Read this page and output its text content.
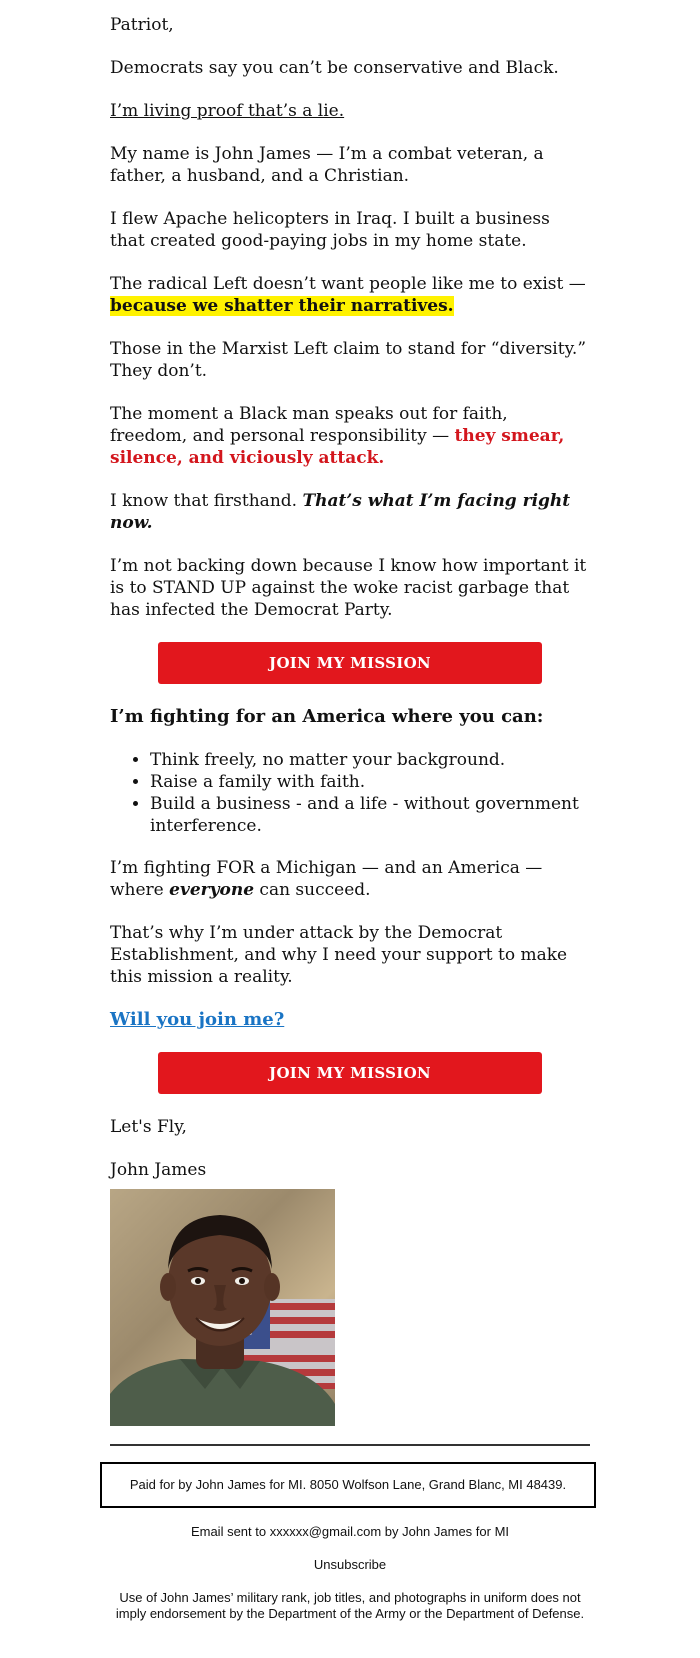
Patriot,

Democrats say you can’t be conservative and Black.

I’m living proof that’s a lie.

My name is John James — I’m a combat veteran, a father, a husband, and a Christian.

I flew Apache helicopters in Iraq. I built a business that created good-paying jobs in my home state.

The radical Left doesn’t want people like me to exist — because we shatter their narratives.

Those in the Marxist Left claim to stand for “diversity.” They don’t.

The moment a Black man speaks out for faith, freedom, and personal responsibility — they smear, silence, and viciously attack.

I know that firsthand. That’s what I’m facing right now.

I’m not backing down because I know how important it is to STAND UP against the woke racist garbage that has infected the Democrat Party.

JOIN MY MISSION

I’m fighting for an America where you can:

• Think freely, no matter your background.
• Raise a family with faith.
• Build a business - and a life - without government interference.

I’m fighting FOR a Michigan — and an America — where everyone can succeed.

That’s why I’m under attack by the Democrat Establishment, and why I need your support to make this mission a reality.

Will you join me?

JOIN MY MISSION

Let's Fly,

John James

Paid for by John James for MI. 8050 Wolfson Lane, Grand Blanc, MI 48439.

Email sent to xxxxxx@gmail.com by John James for MI

Unsubscribe

Use of John James’ military rank, job titles, and photographs in uniform does not imply endorsement by the Department of the Army or the Department of Defense.
